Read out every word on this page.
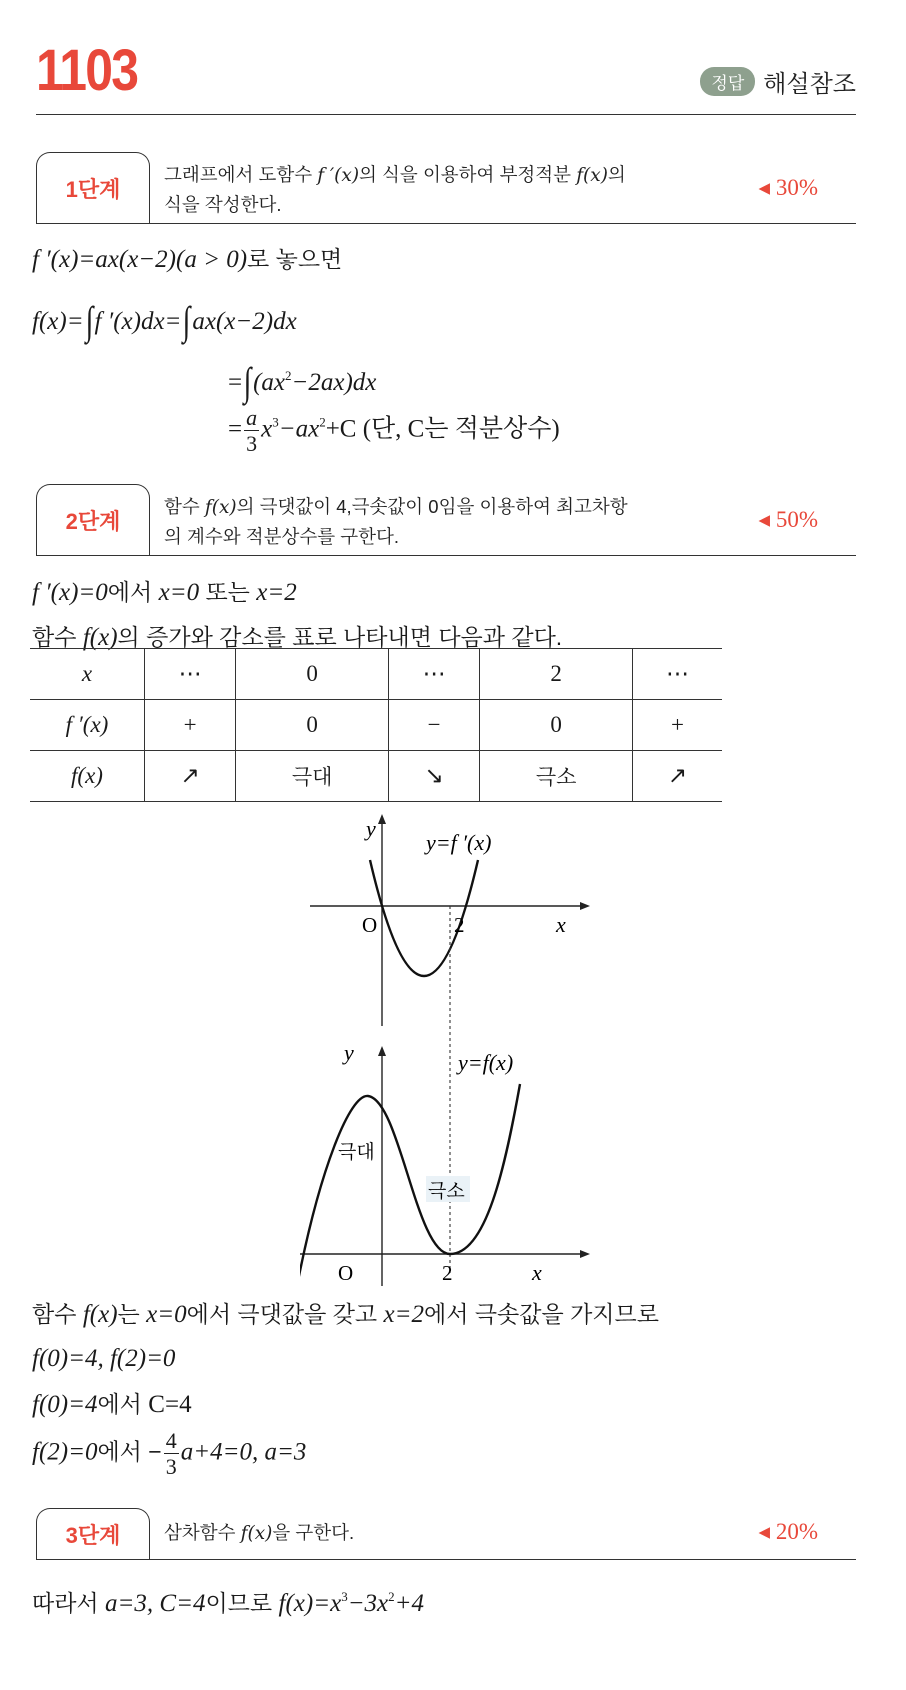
1103	정답 해설참조
1단계
그래프에서 도함수 f ′(x)의 식을 이용하여 부정적분 f(x)의
식을 작성한다.
◂ 30%
f ′(x)=ax(x−2)(a > 0)로 놓으면
f(x)=∫f ′(x)dx=∫ax(x−2)dx
$=\int(ax^2-2ax)dx$
= $\frac{a}{3} x^3-ax^2+C$ (단, C는 적분상수)
2단계
함수 f(x)의 극댓값이 4,극솟값이 0임을 이용하여 최고차항
의 계수와 적분상수를 구한다.
◂ 50%
f ′(x)=0에서 x=0 또는 x=2
함수 f(x)의 증가와 감소를 표로 나타내면 다음과 같다.
x	⋯	0	⋯	2	⋯
f ′(x)	+	0	−	0	+
f(x)	↗	극대	↘	극소	↗
y
y=f ′(x)
O	2	x
y	y=f(x)
극대
극소
O	2	x
함수 f(x)는 x=0에서 극댓값을 갖고 x=2에서 극솟값을 가지므로
f(0)=4, f(2)=0
f(0)=4에서 C=4
f(2)=0에서 − $\frac{4}{3} a+4=0$, a=3
3단계	삼차함수 f(x)을 구한다.	◂ 20%
따라서 a=3, C=4이므로 $f(x)=x^3-3x^2+4$
